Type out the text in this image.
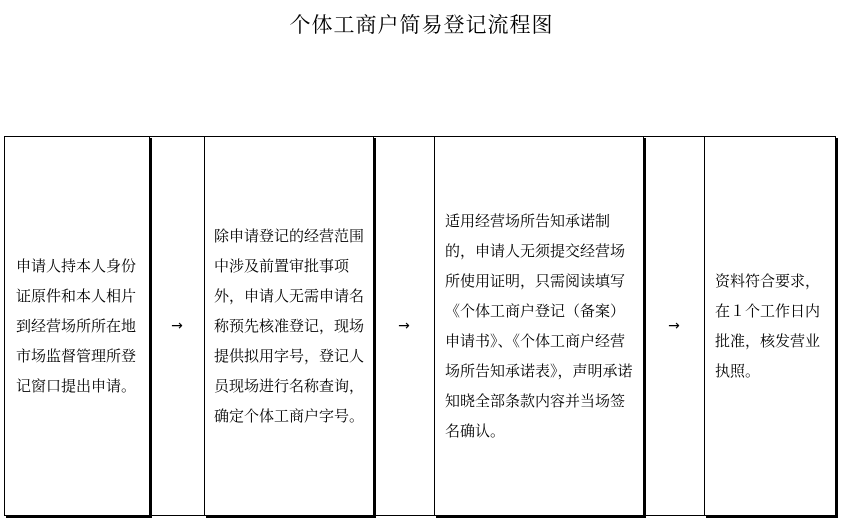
个体工商户简易登记流程图
申请人持本人身份证原件和本人相片到经营场所所在地市场监督管理所登记窗口提出申请。
→
除申请登记的经营范围中涉及前置审批事项外，申请人无需申请名称预先核准登记，现场提供拟用字号，登记人员现场进行名称查询，确定个体工商户字号。
→
适用经营场所告知承诺制的，申请人无须提交经营场所使用证明，只需阅读填写《个体工商户登记（备案）申请书》、《个体工商户经营场所告知承诺表》，声明承诺知晓全部条款内容并当场签名确认。
→
资料符合要求，在１个工作日内批准，核发营业执照。
